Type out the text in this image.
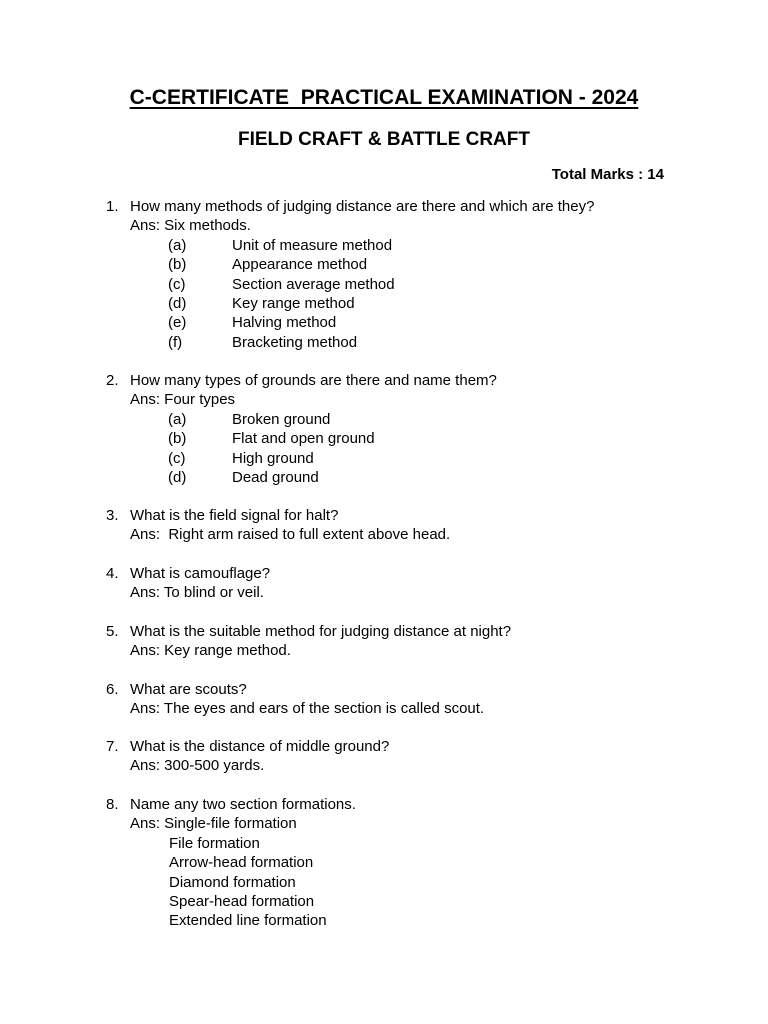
C-CERTIFICATE  PRACTICAL EXAMINATION - 2024
FIELD CRAFT & BATTLE CRAFT
Total Marks : 14
1. How many methods of judging distance are there and which are they?
Ans: Six methods.
(a)	Unit of measure method
(b)	Appearance method
(c)	Section average method
(d)	Key range method
(e)	Halving method
(f)	Bracketing method
2. How many types of grounds are there and name them?
Ans: Four types
(a)	Broken ground
(b)	Flat and open ground
(c)	High ground
(d)	Dead ground
3. What is the field signal for halt?
Ans:  Right arm raised to full extent above head.
4. What is camouflage?
Ans: To blind or veil.
5. What is the suitable method for judging distance at night?
Ans: Key range method.
6. What are scouts?
Ans: The eyes and ears of the section is called scout.
7. What is the distance of middle ground?
Ans: 300-500 yards.
8. Name any two section formations.
Ans: Single-file formation
File formation
Arrow-head formation
Diamond formation
Spear-head formation
Extended line formation
